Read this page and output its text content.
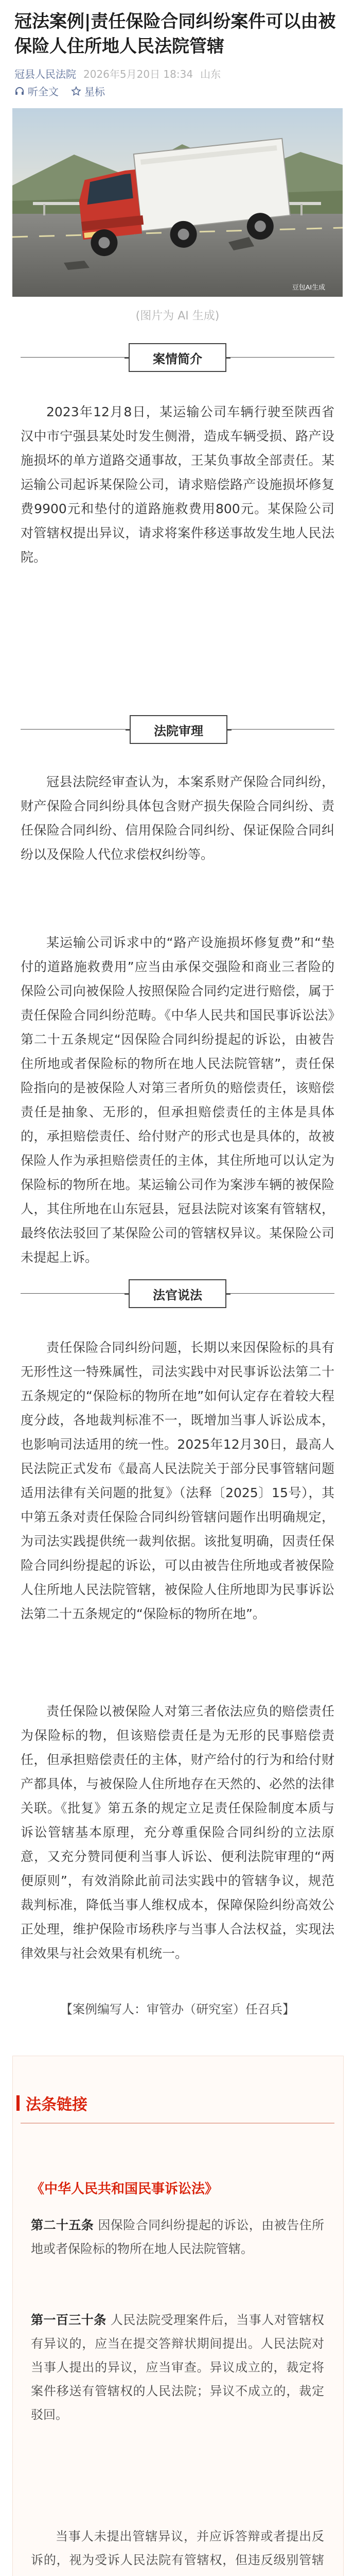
冠法案例|责任保险合同纠纷案件可以由被保险人住所地人民法院管辖
冠县人民法院 2026年5月20日 18:34 山东
听全文	星标
豆包AI生成
(图片为 AI 生成)
案情简介

2023年12月8日，某运输公司车辆行驶至陕西省汉中市宁强县某处时发生侧滑，造成车辆受损、路产设施损坏的单方道路交通事故，王某负事故全部责任。某运输公司起诉某保险公司，请求赔偿路产设施损坏修复费9900元和垫付的道路施救费用800元。某保险公司对管辖权提出异议，请求将案件移送事故发生地人民法院。

法院审理

冠县法院经审查认为，本案系财产保险合同纠纷，财产保险合同纠纷具体包含财产损失保险合同纠纷、责任保险合同纠纷、信用保险合同纠纷、保证保险合同纠纷以及保险人代位求偿权纠纷等。

某运输公司诉求中的“路产设施损坏修复费”和“垫付的道路施救费用”应当由承保交强险和商业三者险的保险公司向被保险人按照保险合同约定进行赔偿，属于责任保险合同纠纷范畴。《中华人民共和国民事诉讼法》第二十五条规定“因保险合同纠纷提起的诉讼，由被告住所地或者保险标的物所在地人民法院管辖”，责任保险指向的是被保险人对第三者所负的赔偿责任，该赔偿责任是抽象、无形的，但承担赔偿责任的主体是具体的，承担赔偿责任、给付财产的形式也是具体的，故被保险人作为承担赔偿责任的主体，其住所地可以认定为保险标的物所在地。某运输公司作为案涉车辆的被保险人，其住所地在山东冠县，冠县法院对该案有管辖权，最终依法驳回了某保险公司的管辖权异议。某保险公司未提起上诉。

法官说法

责任保险合同纠纷问题，长期以来因保险标的具有无形性这一特殊属性，司法实践中对民事诉讼法第二十五条规定的“保险标的物所在地”如何认定存在着较大程度分歧，各地裁判标准不一，既增加当事人诉讼成本，也影响司法适用的统一性。2025年12月30日，最高人民法院正式发布《最高人民法院关于部分民事管辖问题适用法律有关问题的批复》（法释〔2025〕15号），其中第五条对责任保险合同纠纷管辖问题作出明确规定，为司法实践提供统一裁判依据。该批复明确，因责任保险合同纠纷提起的诉讼，可以由被告住所地或者被保险人住所地人民法院管辖，被保险人住所地即为民事诉讼法第二十五条规定的“保险标的物所在地”。

责任保险以被保险人对第三者依法应负的赔偿责任为保险标的物，但该赔偿责任是为无形的民事赔偿责任，但承担赔偿责任的主体，财产给付的行为和给付财产都具体，与被保险人住所地存在天然的、必然的法律关联。《批复》第五条的规定立足责任保险制度本质与诉讼管辖基本原理，充分尊重保险合同纠纷的立法原意，又充分赞同便利当事人诉讼、便利法院审理的“两便原则”，有效消除此前司法实践中的管辖争议，规范裁判标准，降低当事人维权成本，保障保险纠纷高效公正处理，维护保险市场秩序与当事人合法权益，实现法律效果与社会效果有机统一。

【案例编写人：审管办（研究室）任召兵】
法条链接
《中华人民共和国民事诉讼法》

第二十五条 因保险合同纠纷提起的诉讼，由被告住所地或者保险标的物所在地人民法院管辖。

第一百三十条 人民法院受理案件后，当事人对管辖权有异议的，应当在提交答辩状期间提出。人民法院对当事人提出的异议，应当审查。异议成立的，裁定将案件移送有管辖权的人民法院；异议不成立的，裁定驳回。

当事人未提出管辖异议，并应诉答辩或者提出反诉的，视为受诉人民法院有管辖权，但违反级别管辖
